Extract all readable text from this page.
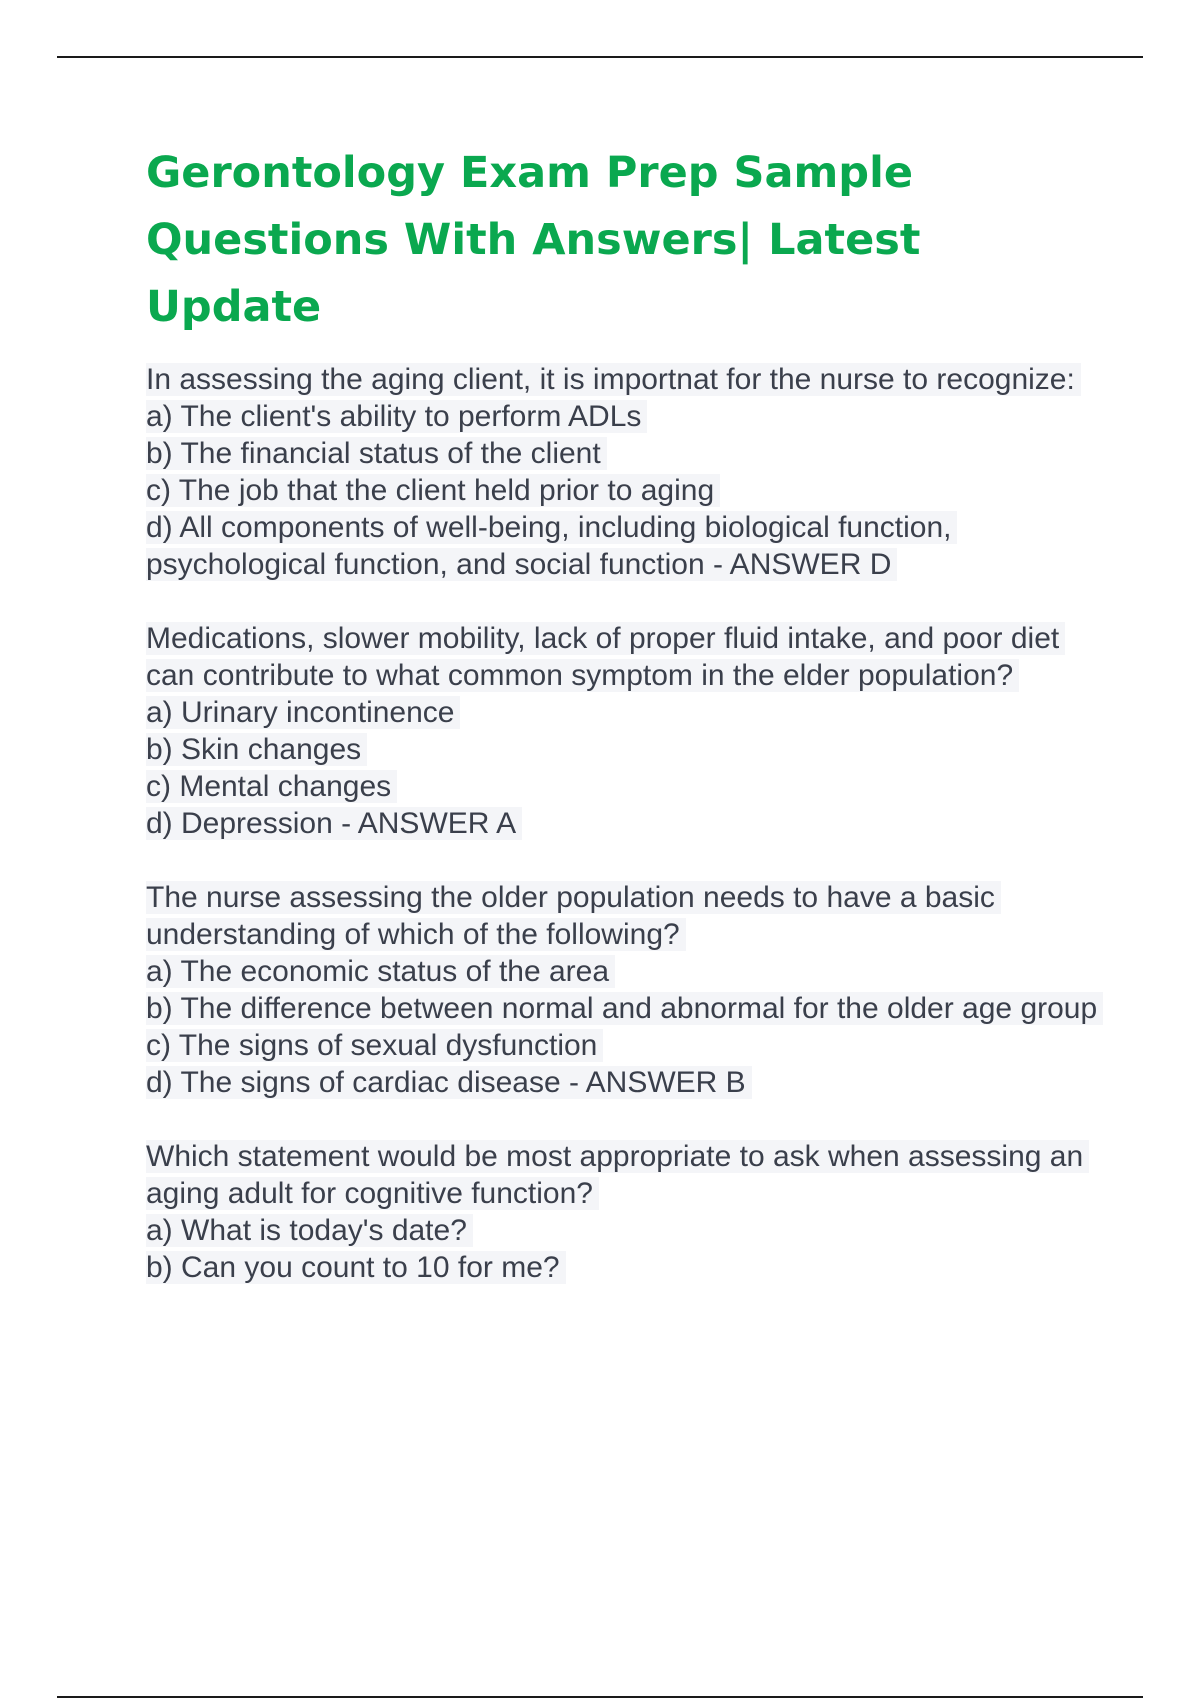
Gerontology Exam Prep Sample Questions With Answers| Latest Update
In assessing the aging client, it is importnat for the nurse to recognize:
a) The client's ability to perform ADLs
b) The financial status of the client
c) The job that the client held prior to aging
d) All components of well-being, including biological function, psychological function, and social function - ANSWER D
Medications, slower mobility, lack of proper fluid intake, and poor diet can contribute to what common symptom in the elder population?
a) Urinary incontinence
b) Skin changes
c) Mental changes
d) Depression - ANSWER A
The nurse assessing the older population needs to have a basic understanding of which of the following?
a) The economic status of the area
b) The difference between normal and abnormal for the older age group
c) The signs of sexual dysfunction
d) The signs of cardiac disease - ANSWER B
Which statement would be most appropriate to ask when assessing an aging adult for cognitive function?
a) What is today's date?
b) Can you count to 10 for me?
